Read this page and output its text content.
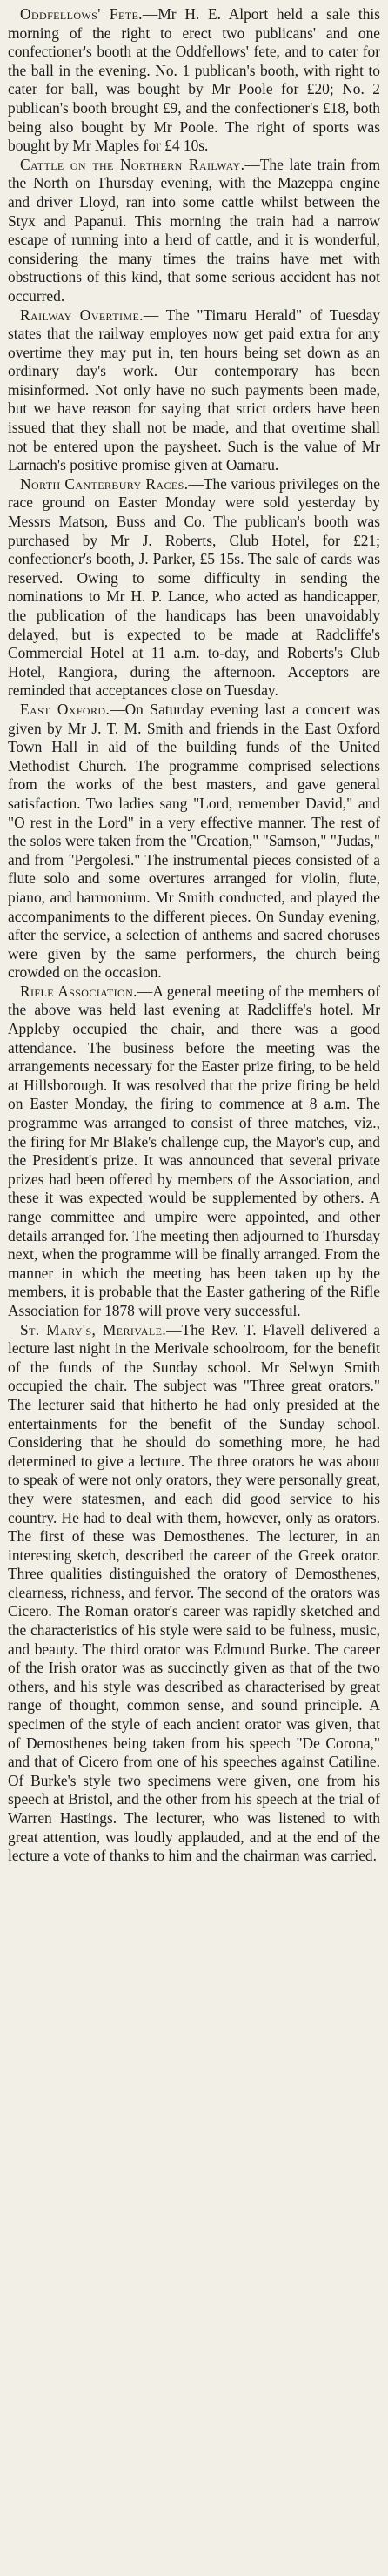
Oddfellows' Fete.—Mr H. E. Alport held a sale this morning of the right to erect two publicans' and one confectioner's booth at the Oddfellows' fete, and to cater for the ball in the evening. No. 1 publican's booth, with right to cater for ball, was bought by Mr Poole for £20; No. 2 publican's booth brought £9, and the confectioner's £18, both being also bought by Mr Poole. The right of sports was bought by Mr Maples for £4 10s.

Cattle on the Northern Railway.—The late train from the North on Thursday evening, with the Mazeppa engine and driver Lloyd, ran into some cattle whilst between the Styx and Papanui. This morning the train had a narrow escape of running into a herd of cattle, and it is wonderful, considering the many times the trains have met with obstructions of this kind, that some serious accident has not occurred.

Railway Overtime.— The "Timaru Herald" of Tuesday states that the railway employes now get paid extra for any overtime they may put in, ten hours being set down as an ordinary day's work. Our contemporary has been misinformed. Not only have no such payments been made, but we have reason for saying that strict orders have been issued that they shall not be made, and that overtime shall not be entered upon the paysheet. Such is the value of Mr Larnach's positive promise given at Oamaru.

North Canterbury Races.—The various privileges on the race ground on Easter Monday were sold yesterday by Messrs Matson, Buss and Co. The publican's booth was purchased by Mr J. Roberts, Club Hotel, for £21; confectioner's booth, J. Parker, £5 15s. The sale of cards was reserved. Owing to some difficulty in sending the nominations to Mr H. P. Lance, who acted as handicapper, the publication of the handicaps has been unavoidably delayed, but is expected to be made at Radcliffe's Commercial Hotel at 11 a.m. to-day, and Roberts's Club Hotel, Rangiora, during the afternoon. Acceptors are reminded that acceptances close on Tuesday.

East Oxford.—On Saturday evening last a concert was given by Mr J. T. M. Smith and friends in the East Oxford Town Hall in aid of the building funds of the United Methodist Church. The programme comprised selections from the works of the best masters, and gave general satisfaction. Two ladies sang "Lord, remember David," and "O rest in the Lord" in a very effective manner. The rest of the solos were taken from the "Creation," "Samson," "Judas," and from "Pergolesi." The instrumental pieces consisted of a flute solo and some overtures arranged for violin, flute, piano, and harmonium. Mr Smith conducted, and played the accompaniments to the different pieces. On Sunday evening, after the service, a selection of anthems and sacred choruses were given by the same performers, the church being crowded on the occasion.

Rifle Association.—A general meeting of the members of the above was held last evening at Radcliffe's hotel. Mr Appleby occupied the chair, and there was a good attendance. The business before the meeting was the arrangements necessary for the Easter prize firing, to be held at Hillsborough. It was resolved that the prize firing be held on Easter Monday, the firing to commence at 8 a.m. The programme was arranged to consist of three matches, viz., the firing for Mr Blake's challenge cup, the Mayor's cup, and the President's prize. It was announced that several private prizes had been offered by members of the Association, and these it was expected would be supplemented by others. A range committee and umpire were appointed, and other details arranged for. The meeting then adjourned to Thursday next, when the programme will be finally arranged. From the manner in which the meeting has been taken up by the members, it is probable that the Easter gathering of the Rifle Association for 1878 will prove very successful.

St. Mary's, Merivale.—The Rev. T. Flavell delivered a lecture last night in the Merivale schoolroom, for the benefit of the funds of the Sunday school. Mr Selwyn Smith occupied the chair. The subject was "Three great orators." The lecturer said that hitherto he had only presided at the entertainments for the benefit of the Sunday school. Considering that he should do something more, he had determined to give a lecture. The three orators he was about to speak of were not only orators, they were personally great, they were statesmen, and each did good service to his country. He had to deal with them, however, only as orators. The first of these was Demosthenes. The lecturer, in an interesting sketch, described the career of the Greek orator. Three qualities distinguished the oratory of Demosthenes, clearness, richness, and fervor. The second of the orators was Cicero. The Roman orator's career was rapidly sketched and the characteristics of his style were said to be fulness, music, and beauty. The third orator was Edmund Burke. The career of the Irish orator was as succinctly given as that of the two others, and his style was described as characterised by great range of thought, common sense, and sound principle. A specimen of the style of each ancient orator was given, that of Demosthenes being taken from his speech "De Corona," and that of Cicero from one of his speeches against Catiline. Of Burke's style two specimens were given, one from his speech at Bristol, and the other from his speech at the trial of Warren Hastings. The lecturer, who was listened to with great attention, was loudly applauded, and at the end of the lecture a vote of thanks to him and the chairman was carried.
